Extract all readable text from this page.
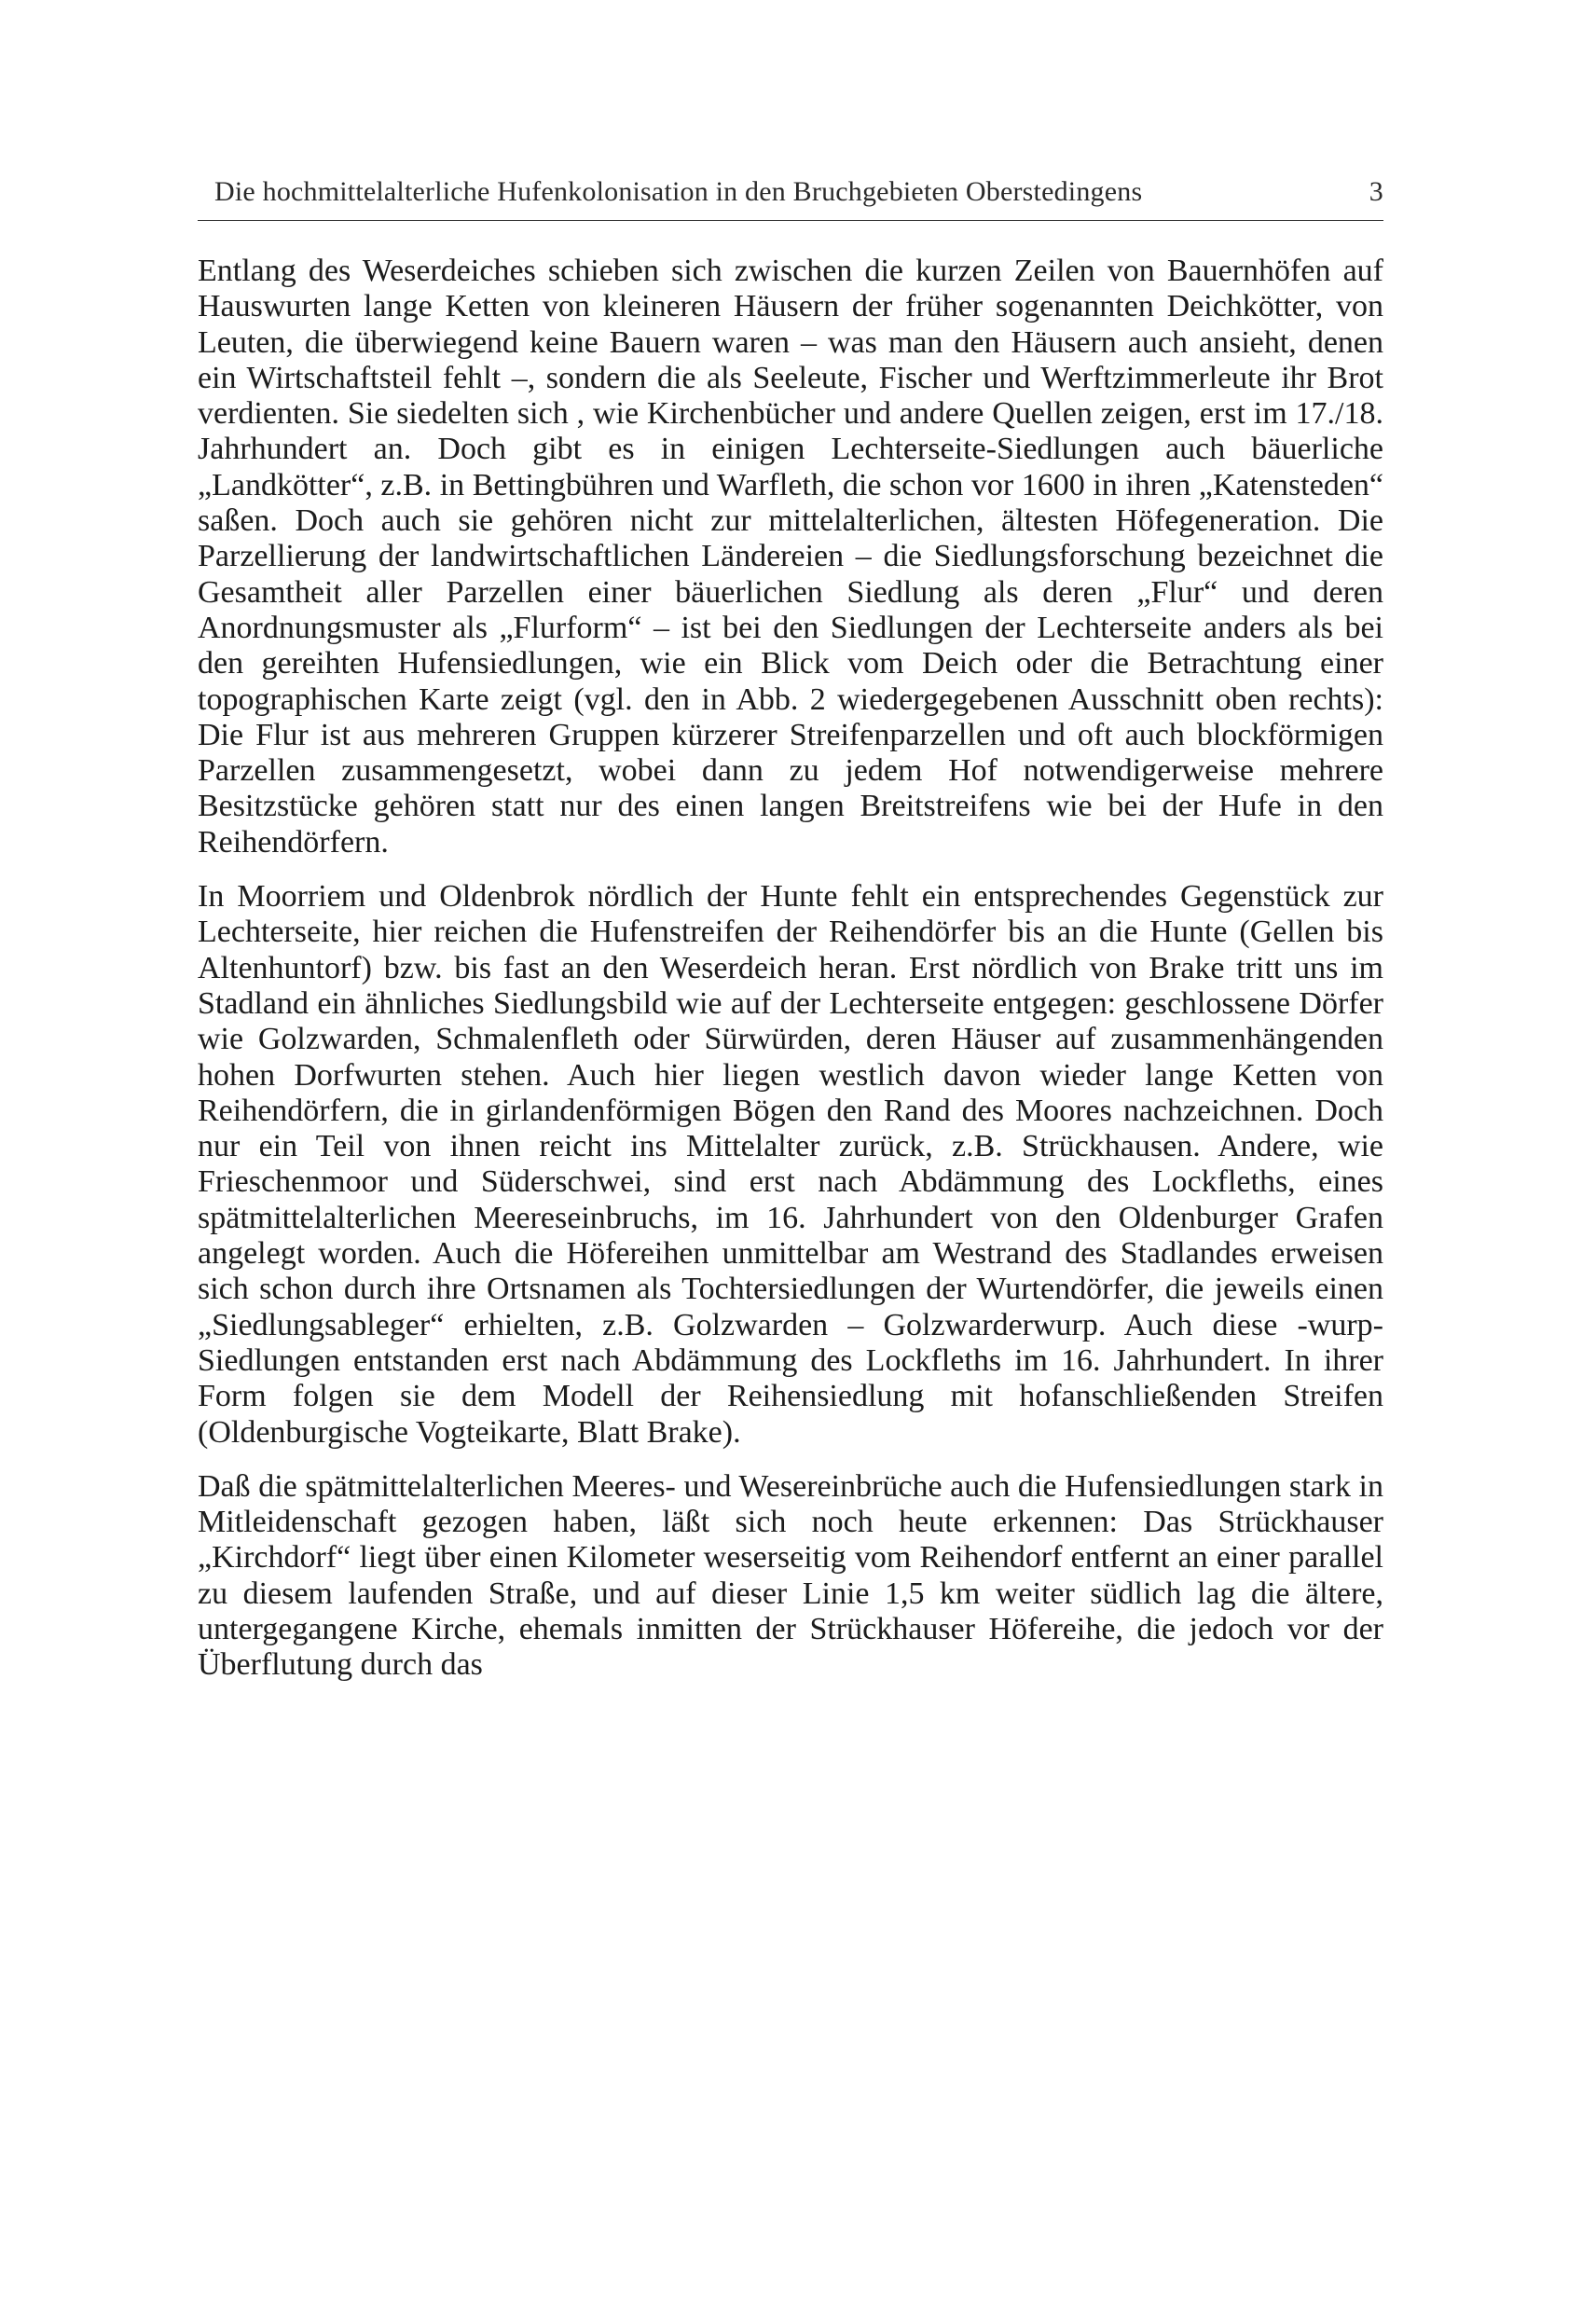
Die hochmittelalterliche Hufenkolonisation in den Bruchgebieten Oberstedingens	3

Entlang des Weserdeiches schieben sich zwischen die kurzen Zeilen von Bauernhöfen auf Hauswurten lange Ketten von kleineren Häusern der früher sogenannten Deichkötter, von Leuten, die überwiegend keine Bauern waren – was man den Häusern auch ansieht, denen ein Wirtschaftsteil fehlt –, sondern die als Seeleute, Fischer und Werftzimmerleute ihr Brot verdienten. Sie siedelten sich , wie Kirchenbücher und andere Quellen zeigen, erst im 17./18. Jahrhundert an. Doch gibt es in einigen Lechterseite-Siedlungen auch bäuerliche „Landkötter“, z.B. in Bettingbühren und Warfleth, die schon vor 1600 in ihren „Katensteden“ saßen. Doch auch sie gehören nicht zur mittelalterlichen, ältesten Höfegeneration. Die Parzellierung der landwirtschaftlichen Ländereien – die Siedlungsforschung bezeichnet die Gesamtheit aller Parzellen einer bäuerlichen Siedlung als deren „Flur“ und deren Anordnungsmuster als „Flurform“ – ist bei den Siedlungen der Lechterseite anders als bei den gereihten Hufensiedlungen, wie ein Blick vom Deich oder die Betrachtung einer topographischen Karte zeigt (vgl. den in Abb. 2 wiedergegebenen Ausschnitt oben rechts): Die Flur ist aus mehreren Gruppen kürzerer Streifenparzellen und oft auch blockförmigen Parzellen zusammengesetzt, wobei dann zu jedem Hof notwendigerweise mehrere Besitzstücke gehören statt nur des einen langen Breitstreifens wie bei der Hufe in den Reihendörfern.

In Moorriem und Oldenbrok nördlich der Hunte fehlt ein entsprechendes Gegenstück zur Lechterseite, hier reichen die Hufenstreifen der Reihendörfer bis an die Hunte (Gellen bis Altenhuntorf) bzw. bis fast an den Weserdeich heran. Erst nördlich von Brake tritt uns im Stadland ein ähnliches Siedlungsbild wie auf der Lechterseite entgegen: geschlossene Dörfer wie Golzwarden, Schmalenfleth oder Sürwürden, deren Häuser auf zusammenhängenden hohen Dorfwurten stehen. Auch hier liegen westlich davon wieder lange Ketten von Reihendörfern, die in girlandenförmigen Bögen den Rand des Moores nachzeichnen. Doch nur ein Teil von ihnen reicht ins Mittelalter zurück, z.B. Strückhausen. Andere, wie Frieschenmoor und Süderschwei, sind erst nach Abdämmung des Lockfleths, eines spätmittelalterlichen Meereseinbruchs, im 16. Jahrhundert von den Oldenburger Grafen angelegt worden. Auch die Höfereihen unmittelbar am Westrand des Stadlandes erweisen sich schon durch ihre Ortsnamen als Tochtersiedlungen der Wurtendörfer, die jeweils einen „Siedlungsableger“ erhielten, z.B. Golzwarden – Golzwarderwurp. Auch diese -wurp-Siedlungen entstanden erst nach Abdämmung des Lockfleths im 16. Jahrhundert. In ihrer Form folgen sie dem Modell der Reihensiedlung mit hofanschließenden Streifen (Oldenburgische Vogteikarte, Blatt Brake).

Daß die spätmittelalterlichen Meeres- und Wesereinbrüche auch die Hufensiedlungen stark in Mitleidenschaft gezogen haben, läßt sich noch heute erkennen: Das Strückhauser „Kirchdorf“ liegt über einen Kilometer weserseitig vom Reihendorf entfernt an einer parallel zu diesem laufenden Straße, und auf dieser Linie 1,5 km weiter südlich lag die ältere, untergegangene Kirche, ehemals inmitten der Strückhauser Höfereihe, die jedoch vor der Überflutung durch das
